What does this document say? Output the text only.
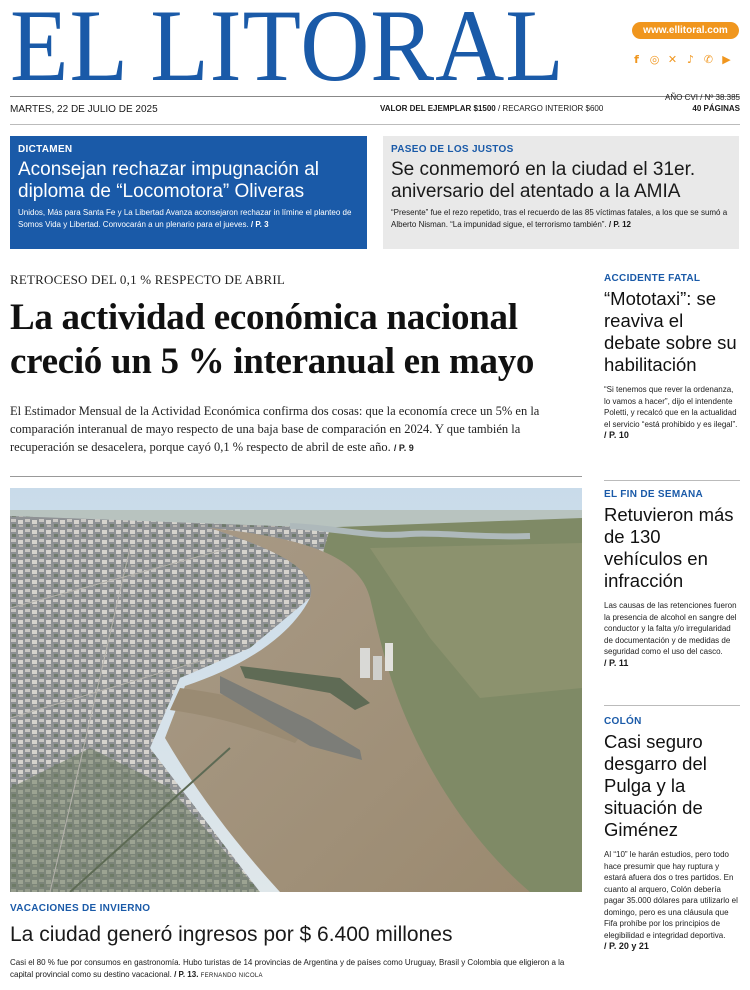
EL LITORAL	www.ellitoral.com
f ◎ ✕ ♪ ✆ ▶
MARTES, 22 DE JULIO DE 2025	VALOR DEL EJEMPLAR $1500 / RECARGO INTERIOR $600
AÑO CVI / Nº 38.385
40 PÁGINAS
DICTAMEN
Aconsejan rechazar impugnación al diploma de “Locomotora” Oliveras
Unidos, Más para Santa Fe y La Libertad Avanza aconsejaron rechazar in límine el planteo de Somos Vida y Libertad. Convocarán a un plenario para el jueves. / P. 3
PASEO DE LOS JUSTOS
Se conmemoró en la ciudad el 31er. aniversario del atentado a la AMIA
“Presente” fue el rezo repetido, tras el recuerdo de las 85 víctimas fatales, a los que se sumó a Alberto Nisman. “La impunidad sigue, el terrorismo también”. / P. 12
RETROCESO DEL 0,1 % RESPECTO DE ABRIL
La actividad económica nacional creció un 5 % interanual en mayo
El Estimador Mensual de la Actividad Económica confirma dos cosas: que la economía crece un 5% en la comparación interanual de mayo respecto de una baja base de comparación en 2024. Y que también la recuperación se desacelera, porque cayó 0,1 % respecto de abril de este año. / P. 9
VACACIONES DE INVIERNO
La ciudad generó ingresos por $ 6.400 millones
Casi el 80 % fue por consumos en gastronomía. Hubo turistas de 14 provincias de Argentina y de países como Uruguay, Brasil y Colombia que eligieron a la capital provincial como su destino vacacional. / P. 13. FERNANDO NICOLA
ACCIDENTE FATAL
“Mototaxi”: se reaviva el debate sobre su habilitación
“Si tenemos que rever la ordenanza, lo vamos a hacer”, dijo el intendente Poletti, y recalcó que en la actualidad el servicio “está prohibido y es ilegal”.
/ P. 10
EL FIN DE SEMANA
Retuvieron más de 130 vehículos en infracción
Las causas de las retenciones fueron la presencia de alcohol en sangre del conductor y la falta y/o irregularidad de documentación y de medidas de seguridad como el uso del casco.
/ P. 11
COLÓN
Casi seguro desgarro del Pulga y la situación de Giménez
Al “10” le harán estudios, pero todo hace presumir que hay ruptura y estará afuera dos o tres partidos. En cuanto al arquero, Colón debería pagar 35.000 dólares para utilizarlo el domingo, pero es una cláusula que Fifa prohíbe por los principios de elegibilidad e integridad deportiva.
/ P. 20 y 21
